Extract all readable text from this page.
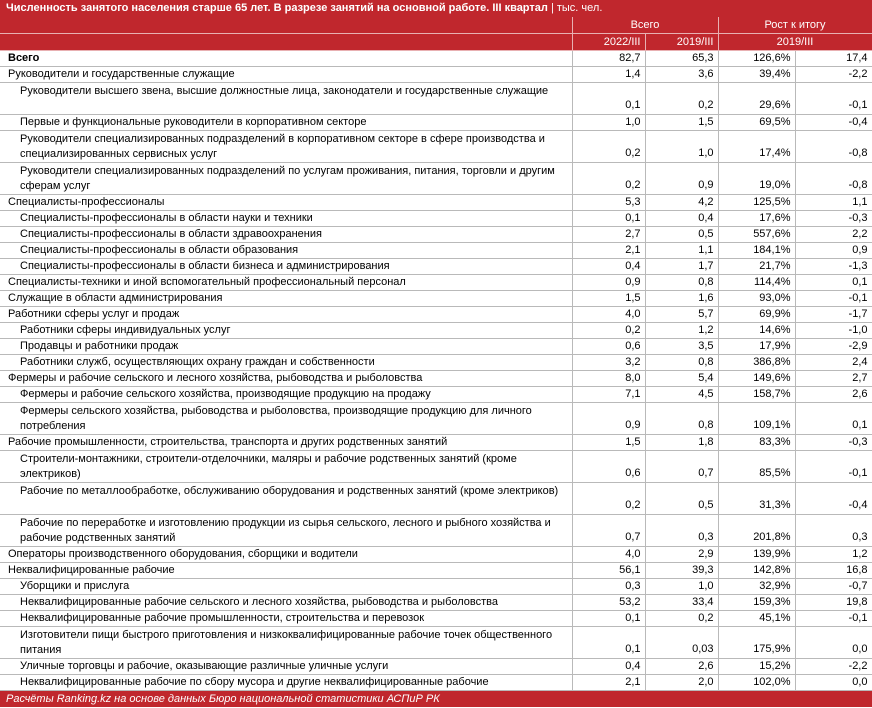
Численность занятого населения старше 65 лет. В разрезе занятий на основной работе. III квартал | тыс. чел.
	Всего		Рост к итогу	
	2022/III	2019/III	2019/III	
Всего	82,7	65,3	126,6%	17,4
Руководители и государственные служащие	1,4	3,6	39,4%	-2,2
Руководители высшего звена, высшие должностные лица, законодатели и государственные служащие	0,1	0,2	29,6%	-0,1
Первые и функциональные руководители в корпоративном секторе	1,0	1,5	69,5%	-0,4
Руководители специализированных подразделений в корпоративном секторе в сфере производства и специализированных сервисных услуг	0,2	1,0	17,4%	-0,8
Руководители специализированных подразделений по услугам проживания, питания, торговли и другим сферам услуг	0,2	0,9	19,0%	-0,8
Специалисты-профессионалы	5,3	4,2	125,5%	1,1
Специалисты-профессионалы в области науки и техники	0,1	0,4	17,6%	-0,3
Специалисты-профессионалы в области здравоохранения	2,7	0,5	557,6%	2,2
Специалисты-профессионалы в области образования	2,1	1,1	184,1%	0,9
Специалисты-профессионалы в области бизнеса и администрирования	0,4	1,7	21,7%	-1,3
Специалисты-техники и иной вспомогательный профессиональный персонал	0,9	0,8	114,4%	0,1
Служащие в области администрирования	1,5	1,6	93,0%	-0,1
Работники сферы услуг и продаж	4,0	5,7	69,9%	-1,7
Работники сферы индивидуальных услуг	0,2	1,2	14,6%	-1,0
Продавцы и работники продаж	0,6	3,5	17,9%	-2,9
Работники служб, осуществляющих охрану граждан и собственности	3,2	0,8	386,8%	2,4
Фермеры и рабочие сельского и лесного хозяйства, рыбоводства и рыболовства	8,0	5,4	149,6%	2,7
Фермеры и рабочие сельского хозяйства, производящие продукцию на продажу	7,1	4,5	158,7%	2,6
Фермеры сельского хозяйства, рыбоводства и рыболовства, производящие продукцию для личного потребления	0,9	0,8	109,1%	0,1
Рабочие промышленности, строительства, транспорта и других родственных занятий	1,5	1,8	83,3%	-0,3
Строители-монтажники, строители-отделочники, маляры и рабочие родственных занятий (кроме электриков)	0,6	0,7	85,5%	-0,1
Рабочие по металлообработке, обслуживанию оборудования и родственных занятий (кроме электриков)	0,2	0,5	31,3%	-0,4
Рабочие по переработке и изготовлению продукции из сырья сельского, лесного и рыбного хозяйства и рабочие родственных занятий	0,7	0,3	201,8%	0,3
Операторы производственного оборудования, сборщики и водители	4,0	2,9	139,9%	1,2
Неквалифицированные рабочие	56,1	39,3	142,8%	16,8
Уборщики и прислуга	0,3	1,0	32,9%	-0,7
Неквалифицированные рабочие сельского и лесного хозяйства, рыбоводства и рыболовства	53,2	33,4	159,3%	19,8
Неквалифицированные рабочие промышленности, строительства и перевозок	0,1	0,2	45,1%	-0,1
Изготовители пищи быстрого приготовления и низкоквалифицированные рабочие точек общественного питания	0,1	0,03	175,9%	0,0
Уличные торговцы и рабочие, оказывающие различные уличные услуги	0,4	2,6	15,2%	-2,2
Неквалифицированные рабочие по сбору мусора и другие неквалифицированные рабочие	2,1	2,0	102,0%	0,0
Расчёты Ranking.kz на основе данных Бюро национальной статистики АСПиР РК
